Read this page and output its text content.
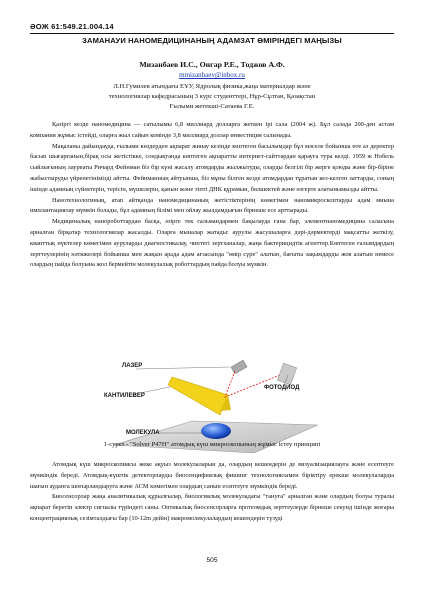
ӘОЖ 61:549.21.004.14
ЗАМАНАУИ НАНОМЕДИЦИНАНЫҢ АДАМЗАТ ӨМІРІНДЕГІ МАҢЫЗЫ
Мизанбаев И.С., Онгар Р.Е., Тоджов А.Ф.
mmizanbaev@inbox.ru
Л.Н.Гумилев атындағы ЕҰУ, Ядролық физика,жаңа материалдар және
технологиялар кафедрасының 3 курс студенттері, Нұр-Сұлтан, Қазақстан
Ғылыми жетекші-Сатаева Г.Е.

Қазіргі кезде наномедицина — сатылымы 6,8 миллиард долларға жеткен ірі сала (2004 ж). Бұл салада 200-ден астам компания жұмыс істейді, оларға жыл сайын кемінде 3,8 миллиард доллар инвестиция салынады.

Мақаланы дайындауда, ғылыми көздерден ақпарат жинау кезінде көптеген басылымдар бұл мәселе бойынша өте аз деректер басып шығарғанын,бірақ осы жетістікке, сондықтанда көптеген ақпаратты интернет-сайттардан қарауға тура келді. 1959 ж Нобель сыйлығының лауреаты Ричард Фейнман біз бір күні жасалу атомдарды жылжытуды, оларды белгілі бір жерге қоюды және бір-біріне жабыстыруды үйренетінімізді айтты. Фейнманның айтуынша, біз мұны білген кезде атомдардан тұратын кез-келген заттарды, соның ішінде адамның сүйектерін, терісін, мүшелерін, қанын және тіпті ДНК құрамын, бөлшектей және өзгерте алатынымызды айтты.

Нанотехнологиның, атап айтқанда наномедицинаның жетістіктерінің көмегімен наномикроскоптарды адам миына имплантациялау мүмкін болады, бұл адамның білімі мен ойлау жылдамдығын бірнеше есе арттырады.

Медициналық нанороботтардан басқа, әзірге тек гальмандармен бақылауда ғана бар, элементнаномедицина саласына арналған бірқатар технологиялар жасалды. Оларға мыналар жатады: аурулы жасушаларға дәрі-дәрмектерді мақсатты жеткізу, кванттық нүктелер көмегімен ауруларды диагностикалау, чиптегі зертханалар, жаңа бактерицидтік агенттер.Көптеген ғалымдардың зерттеулерінің нәтижелері бойынша мен жақын арада адам ағзасында "өмір сүре" алатын, бағыты зақымдарды жоя алатын немесе олардың пайда болуына жол бермейтін молекулалық роботтардың пайда болуы мүмкін.

ЛАЗЕР
ФОТОДИОД
КАНТИЛЕВЕР
МОЛЕКУЛА
1-сурет - "Solver P47H" атомдық күш микроскопының жұмыс істеу принципі

Атомдық күш микроскопиясы жеке ақуыз молекулаларын да, олардың кешендерін де визуализациялауға және есептеуге мүмкіндік береді. Атомдық-күштік детекторларды биосенцифиялық фишинг технологиясымен біріктіру ерекше молекулаларды шағын аудангa шоғырландыруға және АСМ көмегімен олардың санын есептеуге мүмкіндік береді.

Биосенсорлар жаңа аналитикалық құрылғылар, биологиялық молекуладағы "тануға" арналған және олардың болуы туралы ақпарат беретін электр сигналы түріндегі саны. Оптикалық биосенсорларға протеомдық зерттеулерде бірнеше секунд ішінде жоғары концентрациялық сезімталдығы бар (10-12m дейін) макромолекулалардың кешендерін түзуді

505
